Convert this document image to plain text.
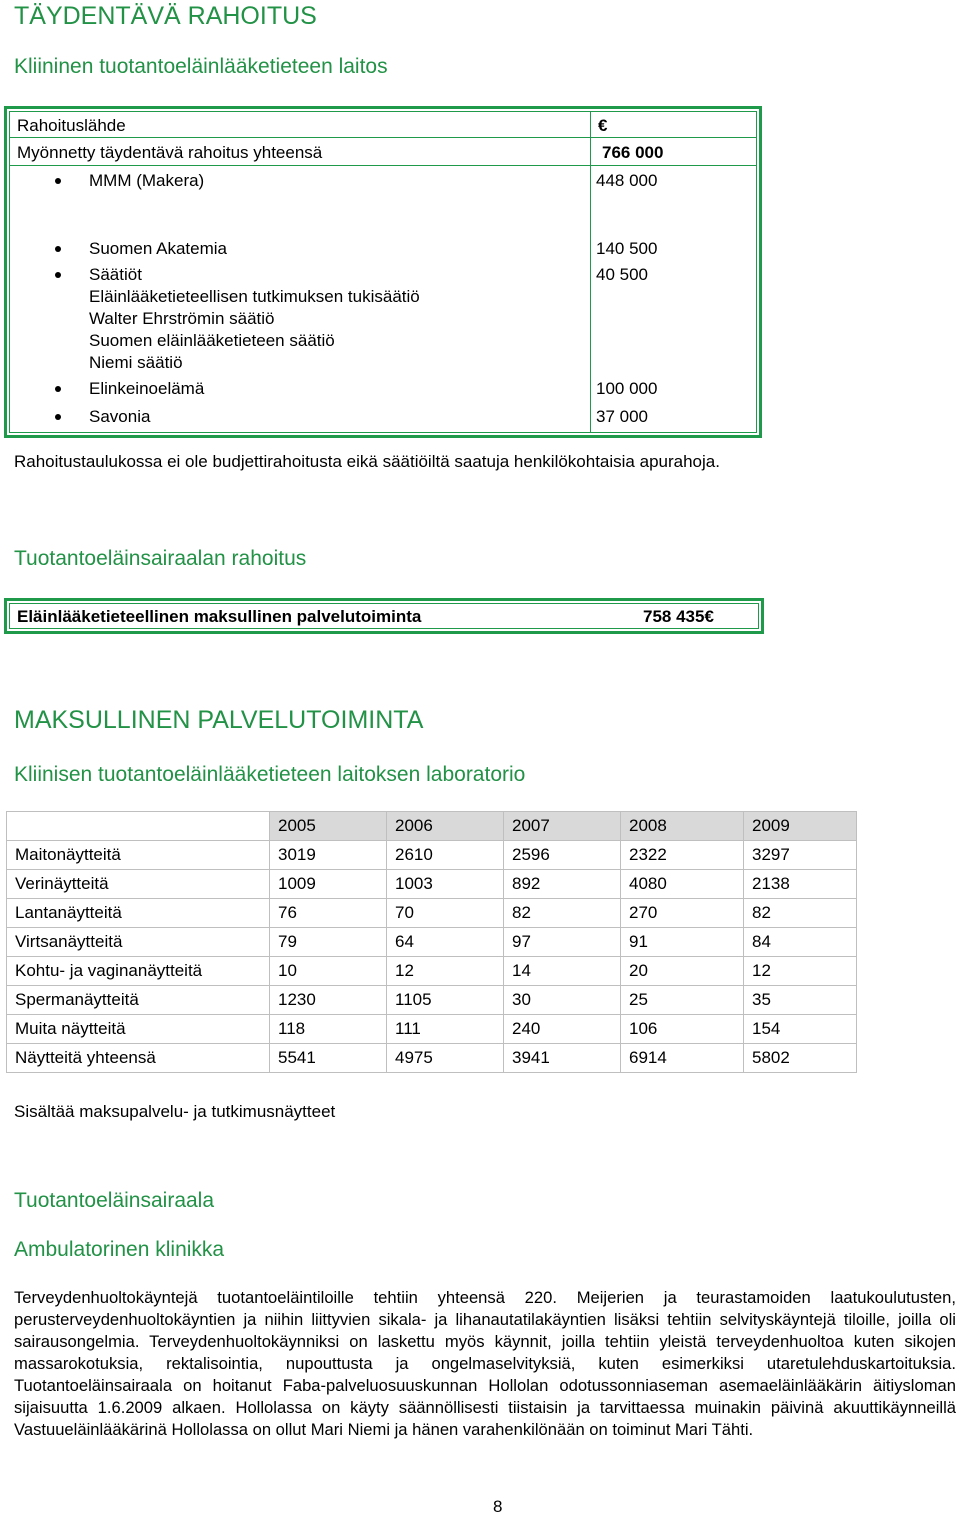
TÄYDENTÄVÄ RAHOITUS
Kliininen tuotantoeläinlääketieteen laitos
Rahoituslähde	€
Myönnetty täydentävä rahoitus yhteensä	766 000
MMM (Makera)	448 000
Suomen Akatemia	140 500
Säätiöt	40 500
Eläinlääketieteellisen tutkimuksen tukisäätiö
Walter Ehrströmin säätiö
Suomen eläinlääketieteen säätiö
Niemi säätiö
Elinkeinoelämä	100 000
Savonia	37 000
Rahoitustaulukossa ei ole budjettirahoitusta eikä säätiöiltä saatuja henkilökohtaisia apurahoja.
Tuotantoeläinsairaalan rahoitus
Eläinlääketieteellinen maksullinen palvelutoiminta	758 435€
MAKSULLINEN PALVELUTOIMINTA
Kliinisen tuotantoeläinlääketieteen laitoksen laboratorio
	2005	2006	2007	2008	2009
Maitonäytteitä	3019	2610	2596	2322	3297
Verinäytteitä	1009	1003	892	4080	2138
Lantanäytteitä	76	70	82	270	82
Virtsanäytteitä	79	64	97	91	84
Kohtu- ja vaginanäytteitä	10	12	14	20	12
Spermanäytteitä	1230	1105	30	25	35
Muita näytteitä	118	111	240	106	154
Näytteitä yhteensä	5541	4975	3941	6914	5802
Sisältää maksupalvelu- ja tutkimusnäytteet
Tuotantoeläinsairaala
Ambulatorinen klinikka
Terveydenhuoltokäyntejä tuotantoeläintiloille tehtiin yhteensä 220. Meijerien ja teurastamoiden laatukoulutusten, perusterveydenhuoltokäyntien ja niihin liittyvien sikala- ja lihanautatilakäyntien lisäksi tehtiin selvityskäyntejä tiloille, joilla oli sairausongelmia. Terveydenhuoltokäynniksi on laskettu myös käynnit, joilla tehtiin yleistä terveydenhuoltoa kuten sikojen massarokotuksia, rektalisointia, nupouttusta ja ongelmaselvityksiä, kuten esimerkiksi utaretulehduskartoituksia. Tuotantoeläinsairaala on hoitanut Faba-palveluosuuskunnan Hollolan odotussonniaseman asemaeläinlääkärin äitiysloman sijaisuutta 1.6.2009 alkaen. Hollolassa on käyty säännöllisesti tiistaisin ja tarvittaessa muinakin päivinä akuuttikäynneillä Vastuueläinlääkärinä Hollolassa on ollut Mari Niemi ja hänen varahenkilönään on toiminut Mari Tähti.
8
